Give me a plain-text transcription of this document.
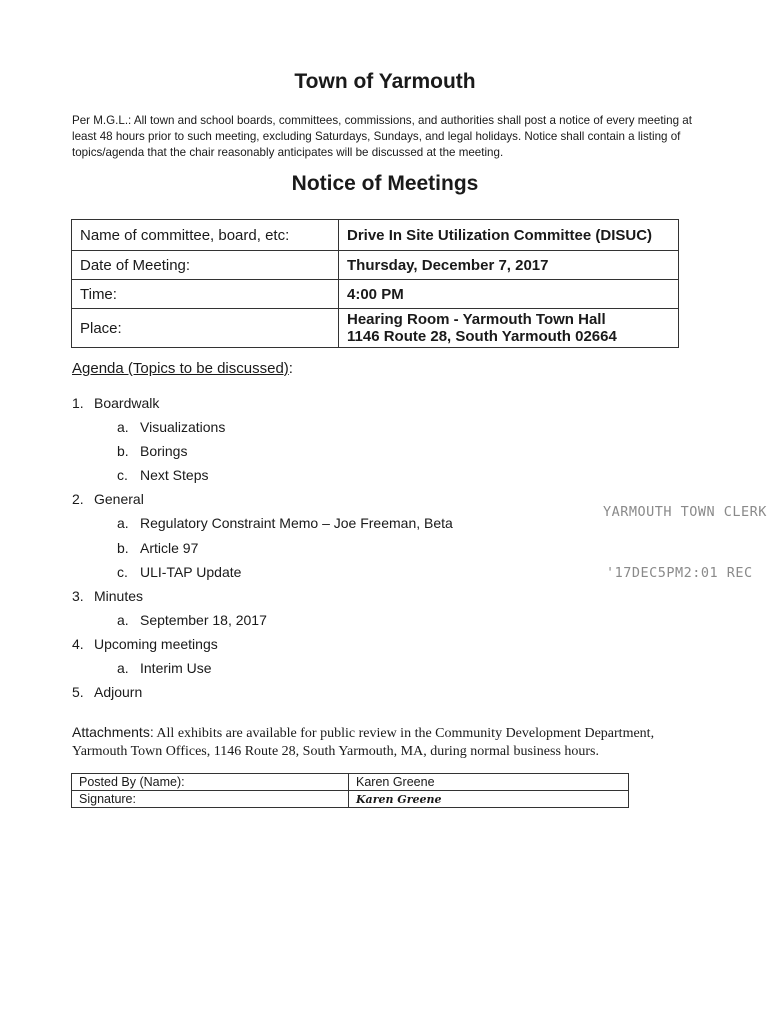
Town of Yarmouth
Per M.G.L.: All town and school boards, committees, commissions, and authorities shall post a notice of every meeting at least 48 hours prior to such meeting, excluding Saturdays, Sundays, and legal holidays. Notice shall contain a listing of topics/agenda that the chair reasonably anticipates will be discussed at the meeting.
Notice of Meetings
Name of committee, board, etc:	Drive In Site Utilization Committee (DISUC)
Date of Meeting:	Thursday, December 7, 2017
Time:	4:00 PM
Place:	Hearing Room - Yarmouth Town Hall
1146 Route 28, South Yarmouth 02664
Agenda (Topics to be discussed):
1. Boardwalk
a. Visualizations
b. Borings
c. Next Steps
2. General
a. Regulatory Constraint Memo – Joe Freeman, Beta
b. Article 97
c. ULI-TAP Update
3. Minutes
a. September 18, 2017
4. Upcoming meetings
a. Interim Use
5. Adjourn
YARMOUTH TOWN CLERK
'17DEC5PM2:01 REC
Attachments: All exhibits are available for public review in the Community Development Department, Yarmouth Town Offices, 1146 Route 28, South Yarmouth, MA, during normal business hours.
Posted By (Name):	Karen Greene
Signature:	Karen Greene
